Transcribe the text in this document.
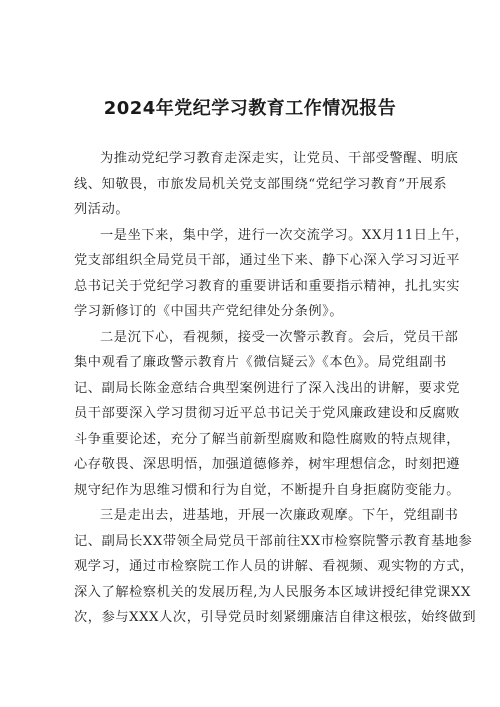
2024年党纪学习教育工作情况报告
为推动党纪学习教育走深走实，让党员、干部受警醒、明底
线、知敬畏，市旅发局机关党支部围绕“党纪学习教育”开展系
列活动。
一是坐下来，集中学，进行一次交流学习。XX月11日上午，
党支部组织全局党员干部，通过坐下来、静下心深入学习习近平
总书记关于党纪学习教育的重要讲话和重要指示精神，扎扎实实
学习新修订的《中国共产党纪律处分条例》。
二是沉下心，看视频，接受一次警示教育。会后，党员干部
集中观看了廉政警示教育片《微信疑云》《本色》。局党组副书
记、副局长陈金意结合典型案例进行了深入浅出的讲解，要求党
员干部要深入学习贯彻习近平总书记关于党风廉政建设和反腐败
斗争重要论述，充分了解当前新型腐败和隐性腐败的特点规律，
心存敬畏、深思明悟，加强道德修养，树牢理想信念，时刻把遵
规守纪作为思维习惯和行为自觉，不断提升自身拒腐防变能力。
三是走出去，进基地，开展一次廉政观摩。下午，党组副书
记、副局长XX带领全局党员干部前往XX市检察院警示教育基地参
观学习，通过市检察院工作人员的讲解、看视频、观实物的方式，
深入了解检察机关的发展历程,为人民服务本区域讲授纪律党课XX
次，参与XXX人次，引导党员时刻紧绷廉洁自律这根弦，始终做到
